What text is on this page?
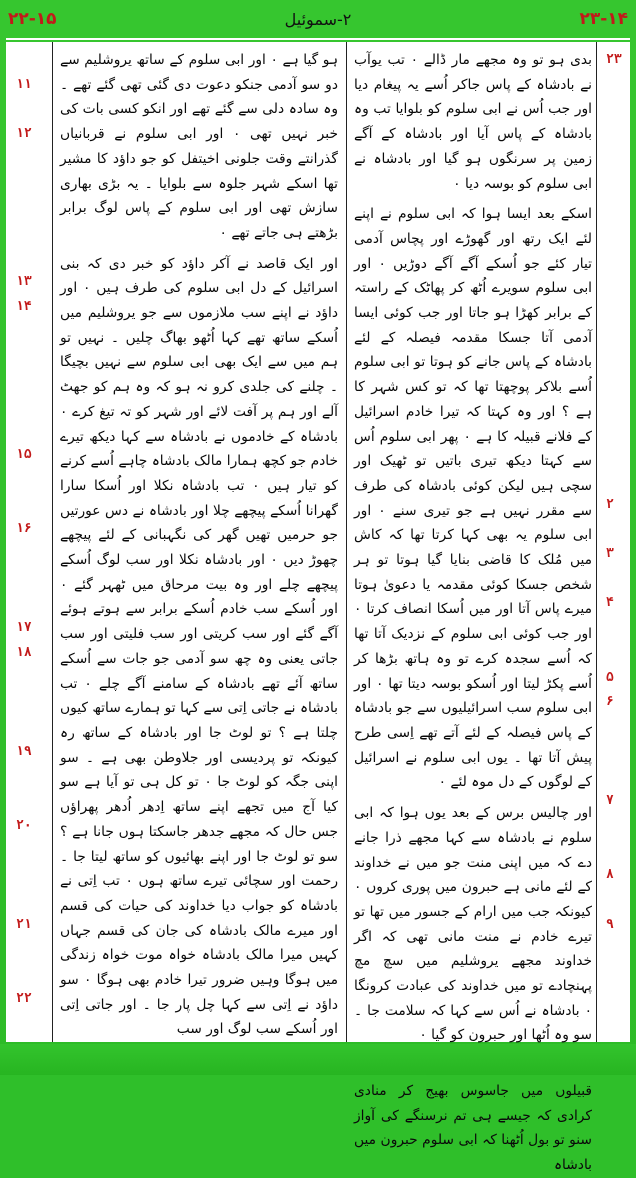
۲۲-۱۵	۲-سموئیل	۲۳-۱۴

بدی ہو تو وہ مجھے مار ڈالے ۰ تب یوآب نے بادشاہ کے پاس جاکر اُسے یہ پیغام دیا اور جب اُس نے ابی سلوم کو بلوایا تب وہ بادشاہ کے پاس آیا اور بادشاہ کے آگے زمین پر سرنگوں ہو گیا اور بادشاہ نے ابی سلوم کو بوسہ دیا ۰

اسکے بعد ایسا ہوا کہ ابی سلوم نے اپنے لئے ایک رتھ اور گھوڑے اور پچاس آدمی تیار کئے جو اُسکے آگے آگے دوڑیں ۰ اور ابی سلوم سویرے اُٹھ کر پھاٹک کے راستہ کے برابر کھڑا ہو جاتا اور جب کوئی ایسا آدمی آتا جسکا مقدمہ فیصلہ کے لئے بادشاہ کے پاس جانے کو ہوتا تو ابی سلوم اُسے بلاکر پوچھتا تھا کہ تو کس شہر کا ہے ؟ اور وہ کہتا کہ تیرا خادم اسرائیل کے فلانے قبیلہ کا ہے ۰ پھر ابی سلوم اُس سے کہتا دیکھ تیری باتیں تو ٹھیک اور سچی ہیں لیکن کوئی بادشاہ کی طرف سے مقرر نہیں ہے جو تیری سنے ۰ اور ابی سلوم یہ بھی کہا کرتا تھا کہ کاش میں مُلک کا قاضی بنایا گیا ہوتا تو ہر شخص جسکا کوئی مقدمہ یا دعویٰ ہوتا میرے پاس آتا اور میں اُسکا انصاف کرتا ۰ اور جب کوئی ابی سلوم کے نزدیک آتا تھا کہ اُسے سجدہ کرے تو وہ ہاتھ بڑھا کر اُسے پکڑ لیتا اور اُسکو بوسہ دیتا تھا ۰ اور ابی سلوم سب اسرائیلیوں سے جو بادشاہ کے پاس فیصلہ کے لئے آتے تھے اِسی طرح پیش آتا تھا ۔ یوں ابی سلوم نے اسرائیل کے لوگوں کے دل موہ لئے ۰

اور چالیس برس کے بعد یوں ہوا کہ ابی سلوم نے بادشاہ سے کہا مجھے ذرا جانے دے کہ میں اپنی منت جو میں نے خداوند کے لئے مانی ہے حبرون میں پوری کروں ۰ کیونکہ جب میں ارام کے جسور میں تھا تو تیرے خادم نے منت مانی تھی کہ اگر خداوند مجھے یروشلیم میں سچ مچ پہنچادے تو میں خداوند کی عبادت کرونگا ۰ بادشاہ نے اُس سے کہا کہ سلامت جا ۔ سو وہ اُٹھا اور حبرون کو گیا ۰

قبیلوں میں جاسوس بھیج کر منادی کرادی کہ جیسے ہی تم نرسنگے کی آواز سنو تو بول اُٹھنا کہ ابی سلوم حبرون میں بادشاہ

ہو گیا ہے ۰ اور ابی سلوم کے ساتھ یروشلیم سے دو سو آدمی جنکو دعوت دی گئی تھی گئے تھے ۔ وہ سادہ دلی سے گئے تھے اور انکو کسی بات کی خبر نہیں تھی ۰ اور ابی سلوم نے قربانیاں گذرانتے وقت جلونی اخیتفل کو جو داؤد کا مشیر تھا اسکے شہر جلوہ سے بلوایا ۔ یہ بڑی بھاری سازش تھی اور ابی سلوم کے پاس لوگ برابر بڑھتے ہی جاتے تھے ۰

اور ایک قاصد نے آکر داؤد کو خبر دی کہ بنی اسرائیل کے دل ابی سلوم کی طرف ہیں ۰ اور داؤد نے اپنے سب ملازموں سے جو یروشلیم میں اُسکے ساتھ تھے کہا اُٹھو بھاگ چلیں ۔ نہیں تو ہم میں سے ایک بھی ابی سلوم سے نہیں بچیگا ۔ چلنے کی جلدی کرو نہ ہو کہ وہ ہم کو جھٹ آلے اور ہم پر آفت لائے اور شہر کو تہ تیغ کرے ۰ بادشاہ کے خادموں نے بادشاہ سے کہا دیکھ تیرے خادم جو کچھ ہمارا مالک بادشاہ چاہے اُسے کرنے کو تیار ہیں ۰ تب بادشاہ نکلا اور اُسکا سارا گھرانا اُسکے پیچھے چلا اور بادشاہ نے دس عورتیں جو حرمیں تھیں گھر کی نگہبانی کے لئے پیچھے چھوڑ دیں ۰ اور بادشاہ نکلا اور سب لوگ اُسکے پیچھے چلے اور وہ بیت مرحاق میں ٹھہر گئے ۰ اور اُسکے سب خادم اُسکے برابر سے ہوتے ہوئے آگے گئے اور سب کریتی اور سب فلیتی اور سب جاتی یعنی وہ چھ سو آدمی جو جات سے اُسکے ساتھ آئے تھے بادشاہ کے سامنے آگے چلے ۰ تب بادشاہ نے جاتی اِتی سے کہا تو ہمارے ساتھ کیوں چلتا ہے ؟ تو لوٹ جا اور بادشاہ کے ساتھ رہ کیونکہ تو پردیسی اور جلاوطن بھی ہے ۔ سو اپنی جگہ کو لوٹ جا ۰ تو کل ہی تو آیا ہے سو کیا آج میں تجھے اپنے ساتھ اِدھر اُدھر پھراؤں جس حال کہ مجھے جدھر جاسکتا ہوں جانا ہے ؟ سو تو لوٹ جا اور اپنے بھائیوں کو ساتھ لیتا جا ۔ رحمت اور سچائی تیرے ساتھ ہوں ۰ تب اِتی نے بادشاہ کو جواب دیا خداوند کی حیات کی قسم اور میرے مالک بادشاہ کی جان کی قسم جہاں کہیں میرا مالک بادشاہ خواہ موت خواہ زندگی میں ہوگا وہیں ضرور تیرا خادم بھی ہوگا ۰ سو داؤد نے اِتی سے کہا چل پار جا ۔ اور جاتی اِتی اور اُسکے سب لوگ اور سب

۲۳
۲
۳
۴
۵
۶
۷
۸
۹
۱۱
۱۲
۱۳
۱۴
۱۵
۱۶
۱۷
۱۸
۱۹
۲۰
۲۱
۲۲
